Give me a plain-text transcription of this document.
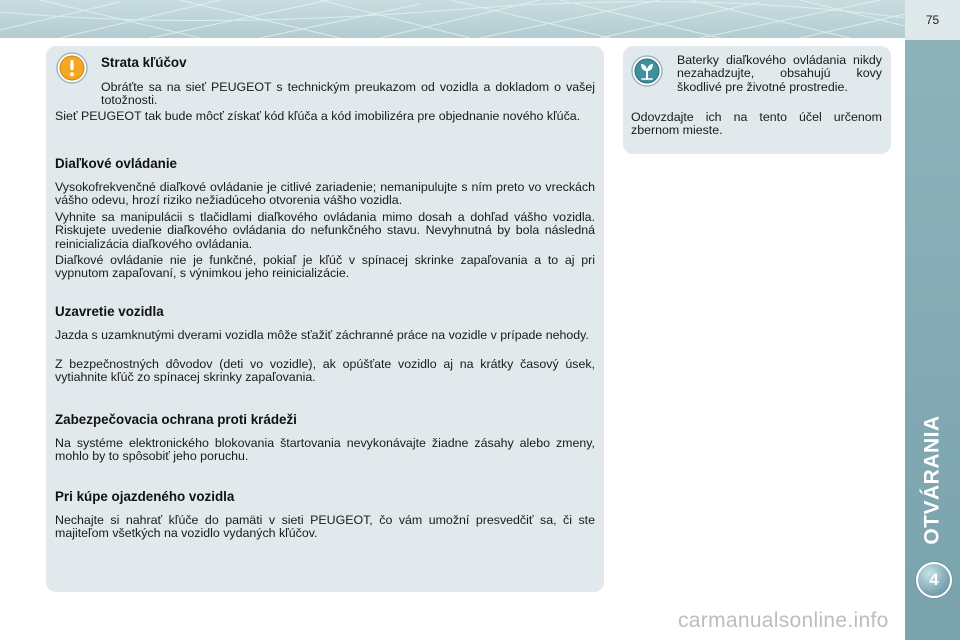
75
OTVÁRANIA
4
Strata kľúčov

Obráťte sa na sieť PEUGEOT s technickým preukazom od vozidla a dokladom o vašej totožnosti.

Sieť PEUGEOT tak bude môcť získať kód kľúča a kód imobilizéra pre objednanie nového kľúča.

Diaľkové ovládanie

Vysokofrekvenčné diaľkové ovládanie je citlivé zariadenie; nemanipulujte s ním preto vo vreckách vášho odevu, hrozí riziko nežiadúceho otvorenia vášho vozidla.

Vyhnite sa manipulácii s tlačidlami diaľkového ovládania mimo dosah a dohľad vášho vozidla. Riskujete uvedenie diaľkového ovládania do nefunkčného stavu. Nevyhnutná by bola následná reinicializácia diaľkového ovládania.

Diaľkové ovládanie nie je funkčné, pokiaľ je kľúč v spínacej skrinke zapaľovania a to aj pri vypnutom zapaľovaní, s výnimkou jeho reinicializácie.

Uzavretie vozidla

Jazda s uzamknutými dverami vozidla môže sťažiť záchranné práce na vozidle v prípade nehody.

Z bezpečnostných dôvodov (deti vo vozidle), ak opúšťate vozidlo aj na krátky časový úsek, vytiahnite kľúč zo spínacej skrinky zapaľovania.

Zabezpečovacia ochrana proti krádeži

Na systéme elektronického blokovania štartovania nevykonávajte žiadne zásahy alebo zmeny, mohlo by to spôsobiť jeho poruchu.

Pri kúpe ojazdeného vozidla

Nechajte si nahrať kľúče do pamäti v sieti PEUGEOT, čo vám umožní presvedčiť sa, či ste majiteľom všetkých na vozidlo vydaných kľúčov.

Baterky diaľkového ovládania nikdy nezahadzujte, obsahujú kovy škodlivé pre životné prostredie.

Odovzdajte ich na tento účel určenom zbernom mieste.

carmanualsonline.info
